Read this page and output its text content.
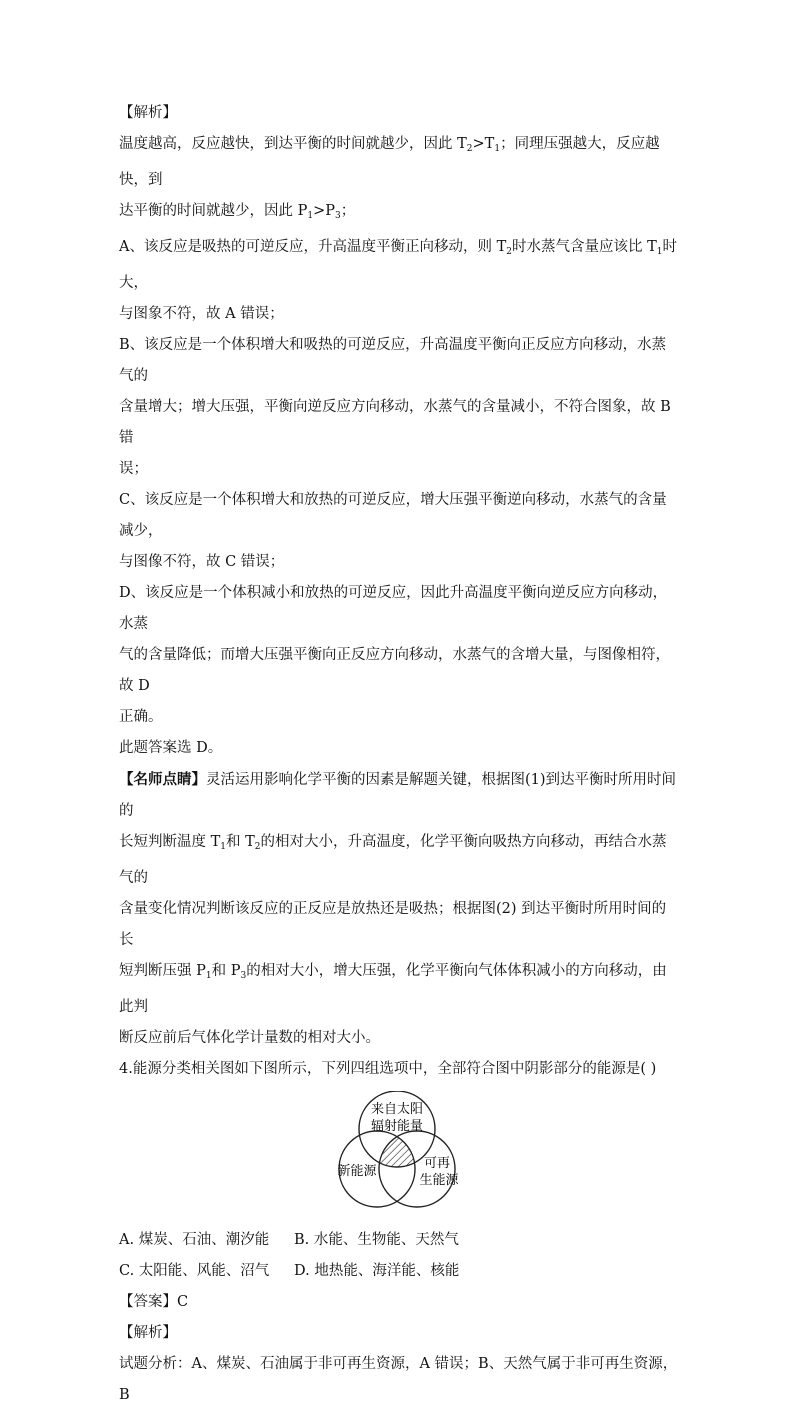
【解析】

温度越高，反应越快，到达平衡的时间就越少，因此 $T_2>T_1$；同理压强越大，反应越快，到

达平衡的时间就越少，因此 $P_1>P_3$；

A、该反应是吸热的可逆反应，升高温度平衡正向移动，则 $T_2$时水蒸气含量应该比 $T_1$时大，

与图象不符，故 A 错误；

B、该反应是一个体积增大和吸热的可逆反应，升高温度平衡向正反应方向移动，水蒸气的

含量增大；增大压强，平衡向逆反应方向移动，水蒸气的含量减小，不符合图象，故 B 错

误；

C、该反应是一个体积增大和放热的可逆反应，增大压强平衡逆向移动，水蒸气的含量减少，

与图像不符，故 C 错误；

D、该反应是一个体积减小和放热的可逆反应，因此升高温度平衡向逆反应方向移动，水蒸

气的含量降低；而增大压强平衡向正反应方向移动，水蒸气的含增大量，与图像相符，故 D

正确。

此题答案选 D。

【名师点睛】灵活运用影响化学平衡的因素是解题关键，根据图(1)到达平衡时所用时间的

长短判断温度 $T_1$和 $T_2$的相对大小，升高温度，化学平衡向吸热方向移动，再结合水蒸气的

含量变化情况判断该反应的正反应是放热还是吸热；根据图(2) 到达平衡时所用时间的长

短判断压强 $P_1$和 $P_3$的相对大小，增大压强，化学平衡向气体体积减小的方向移动，由此判

断反应前后气体化学计量数的相对大小。

4.能源分类相关图如下图所示，下列四组选项中，全部符合图中阴影部分的能源是( )

来自太阳
辐射能量
新能源
可再
生能源
A. 煤炭、石油、潮汐能	B. 水能、生物能、天然气
C. 太阳能、风能、沼气	D. 地热能、海洋能、核能

【答案】C

【解析】

试题分析：A、煤炭、石油属于非可再生资源，A 错误；B、天然气属于非可再生资源，B
